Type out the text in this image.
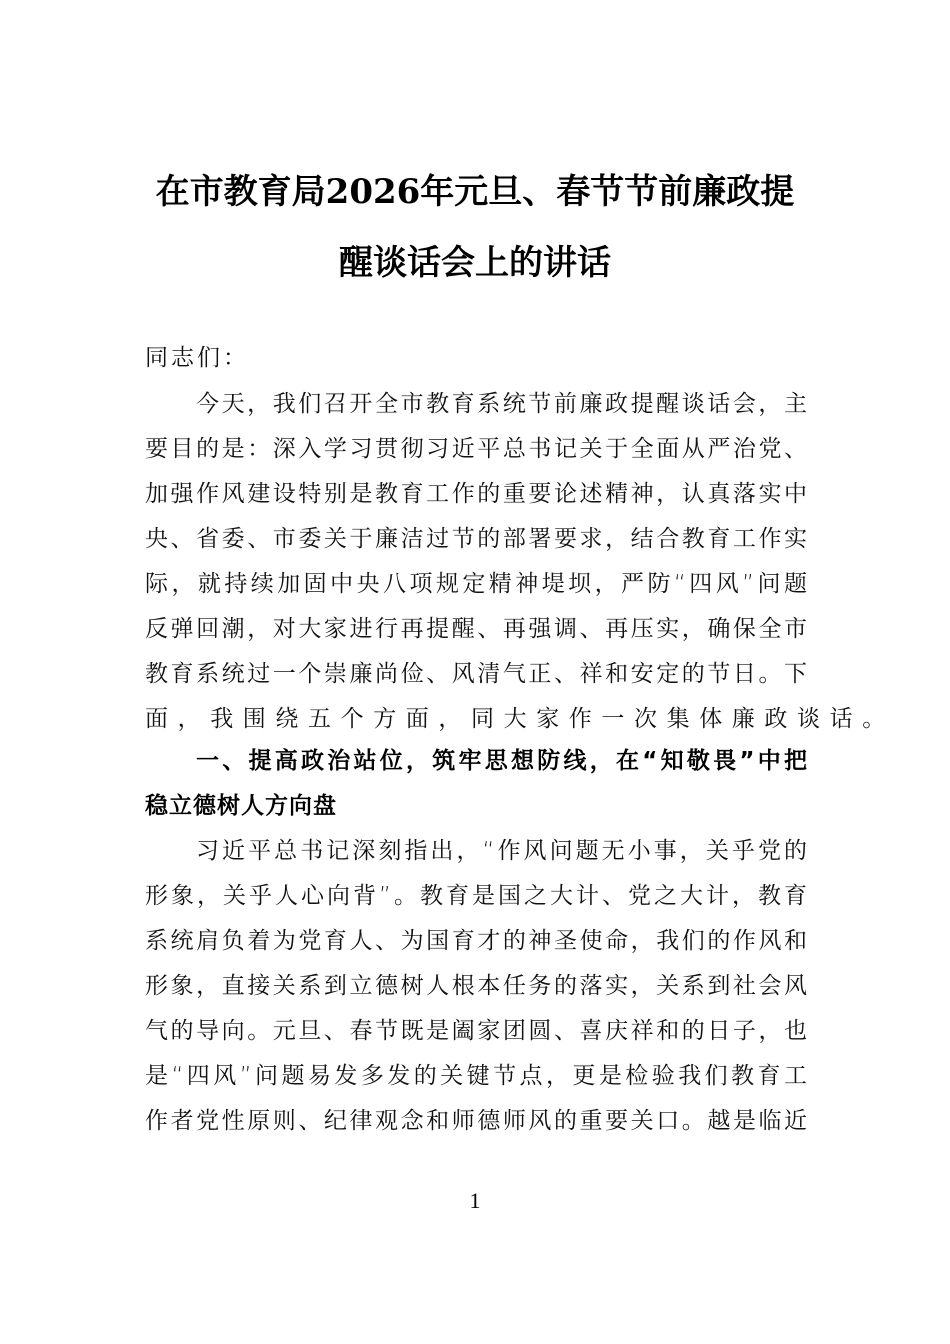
在市教育局2026年元旦、春节节前廉政提
醒谈话会上的讲话
同志们：
今天，我们召开全市教育系统节前廉政提醒谈话会，主
要目的是：深入学习贯彻习近平总书记关于全面从严治党、
加强作风建设特别是教育工作的重要论述精神，认真落实中
央、省委、市委关于廉洁过节的部署要求，结合教育工作实
际，就持续加固中央八项规定精神堤坝，严防“四风”问题
反弹回潮，对大家进行再提醒、再强调、再压实，确保全市
教育系统过一个崇廉尚俭、风清气正、祥和安定的节日。下
面，我围绕五个方面，同大家作一次集体廉政谈话。
一、提高政治站位，筑牢思想防线，在“知敬畏”中把
稳立德树人方向盘
习近平总书记深刻指出，“作风问题无小事，关乎党的
形象，关乎人心向背”。教育是国之大计、党之大计，教育
系统肩负着为党育人、为国育才的神圣使命，我们的作风和
形象，直接关系到立德树人根本任务的落实，关系到社会风
气的导向。元旦、春节既是阖家团圆、喜庆祥和的日子，也
是“四风”问题易发多发的关键节点，更是检验我们教育工
作者党性原则、纪律观念和师德师风的重要关口。越是临近
1
